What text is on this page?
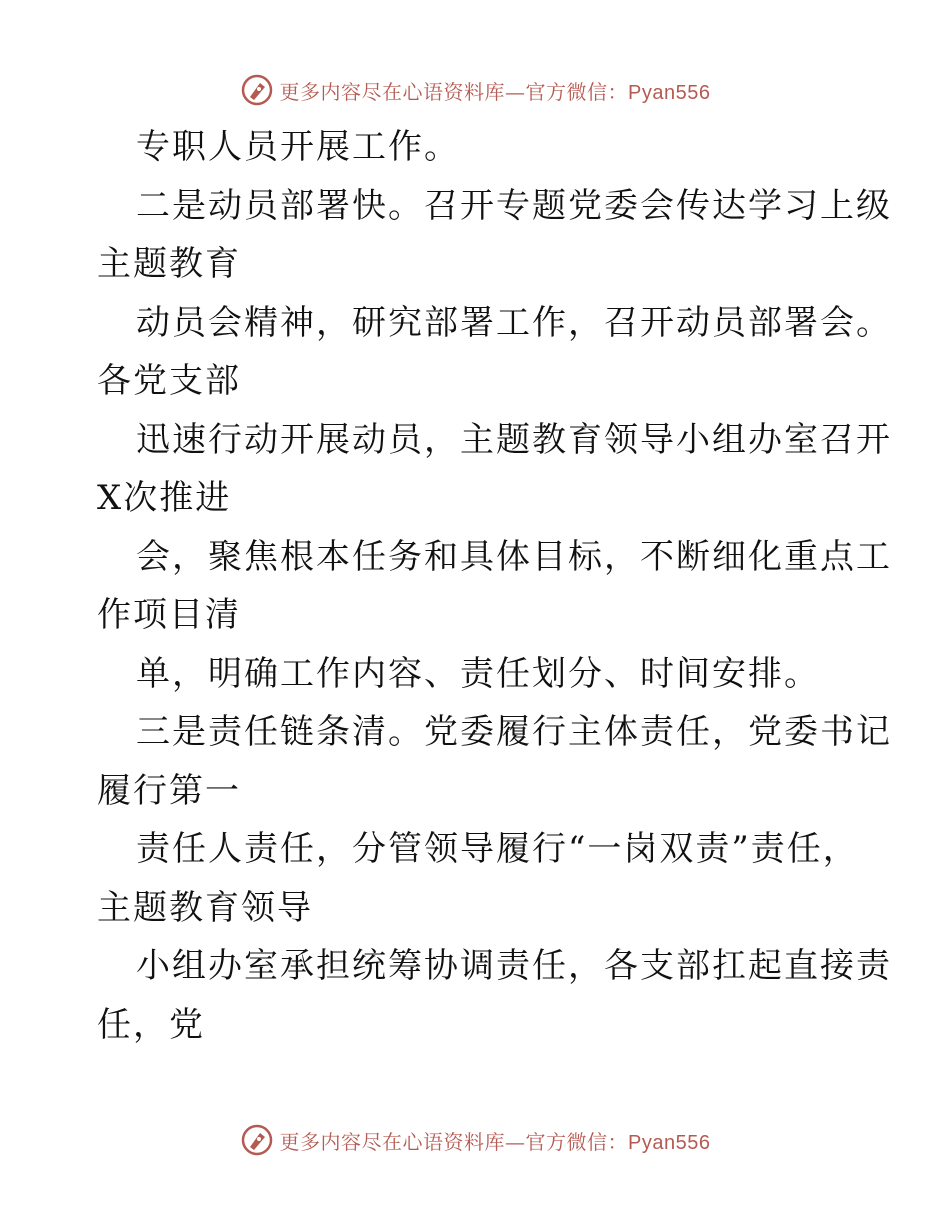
更多内容尽在心语资料库—官方微信：Pyan556
专职人员开展工作。
二是动员部署快。召开专题党委会传达学习上级
主题教育
动员会精神，研究部署工作，召开动员部署会。
各党支部
迅速行动开展动员，主题教育领导小组办室召开
X次推进
会，聚焦根本任务和具体目标，不断细化重点工
作项目清
单，明确工作内容、责任划分、时间安排。
三是责任链条清。党委履行主体责任，党委书记
履行第一
责任人责任，分管领导履行“一岗双责”责任，
主题教育领导
小组办室承担统筹协调责任，各支部扛起直接责
任，党
更多内容尽在心语资料库—官方微信：Pyan556
